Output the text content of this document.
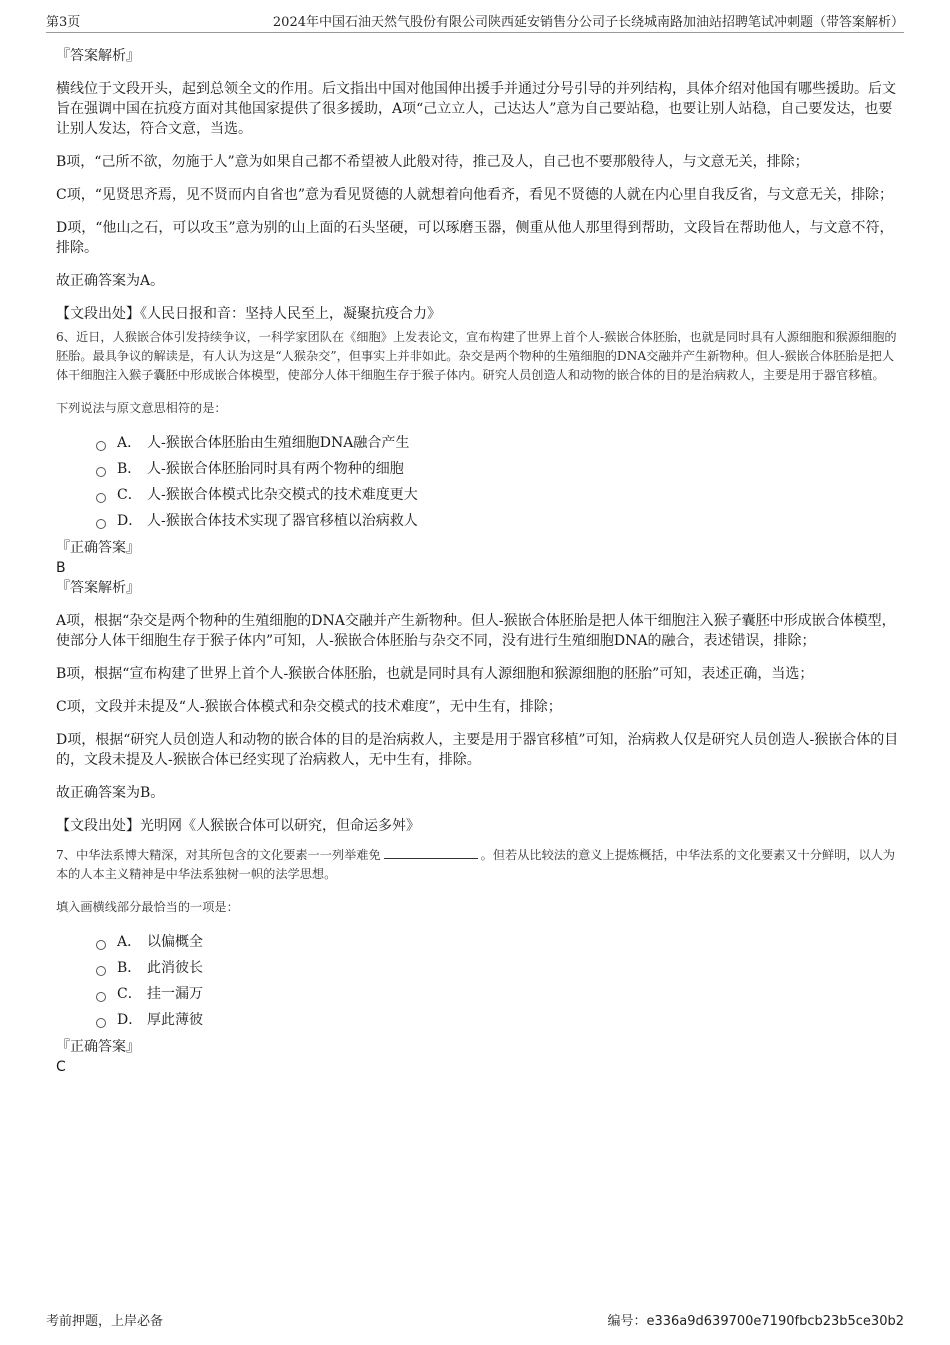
第3页	2024年中国石油天然气股份有限公司陕西延安销售分公司子长绕城南路加油站招聘笔试冲刺题（带答案解析）

『答案解析』

横线位于文段开头，起到总领全文的作用。后文指出中国对他国伸出援手并通过分号引导的并列结构，具体介绍对他国有哪些援助。后文旨在强调中国在抗疫方面对其他国家提供了很多援助，A项“己立立人，己达达人”意为自己要站稳，也要让别人站稳，自己要发达，也要让别人发达，符合文意，当选。

B项，“己所不欲，勿施于人”意为如果自己都不希望被人此般对待，推己及人，自己也不要那般待人，与文意无关，排除；

C项，“见贤思齐焉，见不贤而内自省也”意为看见贤德的人就想着向他看齐，看见不贤德的人就在内心里自我反省，与文意无关，排除；

D项，“他山之石，可以攻玉”意为别的山上面的石头坚硬，可以琢磨玉器，侧重从他人那里得到帮助，文段旨在帮助他人，与文意不符，排除。

故正确答案为A。

【文段出处】《人民日报和音：坚持人民至上，凝聚抗疫合力》

6、近日，人猴嵌合体引发持续争议，一科学家团队在《细胞》上发表论文，宣布构建了世界上首个人-猴嵌合体胚胎，也就是同时具有人源细胞和猴源细胞的胚胎。最具争议的解读是，有人认为这是“人猴杂交”，但事实上并非如此。杂交是两个物种的生殖细胞的DNA交融并产生新物种。但人-猴嵌合体胚胎是把人体干细胞注入猴子囊胚中形成嵌合体模型，使部分人体干细胞生存于猴子体内。研究人员创造人和动物的嵌合体的目的是治病救人，主要是用于器官移植。

下列说法与原文意思相符的是：

A． 人-猴嵌合体胚胎由生殖细胞DNA融合产生
B． 人-猴嵌合体胚胎同时具有两个物种的细胞
C． 人-猴嵌合体模式比杂交模式的技术难度更大
D． 人-猴嵌合体技术实现了器官移植以治病救人

『正确答案』

B

『答案解析』

A项，根据“杂交是两个物种的生殖细胞的DNA交融并产生新物种。但人-猴嵌合体胚胎是把人体干细胞注入猴子囊胚中形成嵌合体模型，使部分人体干细胞生存于猴子体内”可知，人-猴嵌合体胚胎与杂交不同，没有进行生殖细胞DNA的融合，表述错误，排除；

B项，根据“宣布构建了世界上首个人-猴嵌合体胚胎，也就是同时具有人源细胞和猴源细胞的胚胎”可知，表述正确，当选；

C项，文段并未提及“人-猴嵌合体模式和杂交模式的技术难度”，无中生有，排除；

D项，根据“研究人员创造人和动物的嵌合体的目的是治病救人，主要是用于器官移植”可知，治病救人仅是研究人员创造人-猴嵌合体的目的，文段未提及人-猴嵌合体已经实现了治病救人，无中生有，排除。

故正确答案为B。

【文段出处】光明网《人猴嵌合体可以研究，但命运多舛》

7、中华法系博大精深，对其所包含的文化要素一一列举难免	。但若从比较法的意义上提炼概括，中华法系的文化要素又十分鲜明，以人为本的人本主义精神是中华法系独树一帜的法学思想。

填入画横线部分最恰当的一项是：

A． 以偏概全
B． 此消彼长
C． 挂一漏万
D． 厚此薄彼

『正确答案』

C

考前押题，上岸必备	编号：e336a9d639700e7190fbcb23b5ce30b2
